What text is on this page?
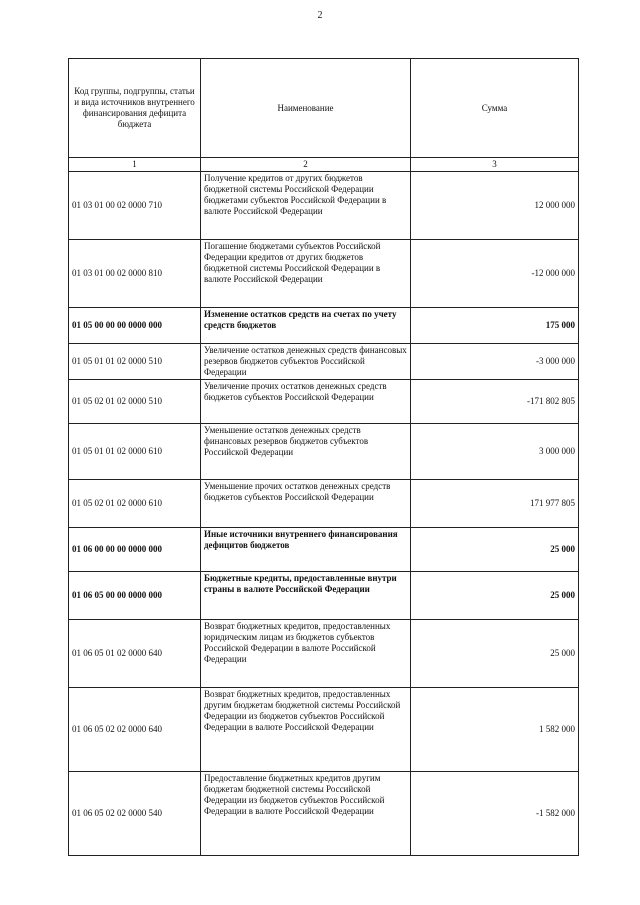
2
Код группы, подгруппы, статьи и вида источников внутреннего финансирования дефицита бюджета	Наименование	Сумма
1	2	3
01 03 01 00 02 0000 710	Получение кредитов от других бюджетов бюджетной системы Российской Федерации бюджетами субъектов Российской Федерации в валюте Российской Федерации	12 000 000
01 03 01 00 02 0000 810	Погашение бюджетами субъектов Российской Федерации кредитов от других бюджетов бюджетной системы Российской Федерации в валюте Российской Федерации	-12 000 000
01 05 00 00 00 0000 000	Изменение остатков средств на счетах по учету средств бюджетов	175 000
01 05 01 01 02 0000 510	Увеличение остатков денежных средств финансовых резервов бюджетов субъектов Российской Федерации	-3 000 000
01 05 02 01 02 0000 510	Увеличение прочих остатков денежных средств бюджетов субъектов Российской Федерации	-171 802 805
01 05 01 01 02 0000 610	Уменьшение остатков денежных средств финансовых резервов бюджетов субъектов Российской Федерации	3 000 000
01 05 02 01 02 0000 610	Уменьшение прочих остатков денежных средств бюджетов субъектов Российской Федерации	171 977 805
01 06 00 00 00 0000 000	Иные источники внутреннего финансирования дефицитов бюджетов	25 000
01 06 05 00 00 0000 000	Бюджетные кредиты, предоставленные внутри страны в валюте Российской Федерации	25 000
01 06 05 01 02 0000 640	Возврат бюджетных кредитов, предоставленных юридическим лицам из бюджетов субъектов Российской Федерации в валюте Российской Федерации	25 000
01 06 05 02 02 0000 640	Возврат бюджетных кредитов, предоставленных другим бюджетам бюджетной системы Российской Федерации из бюджетов субъектов Российской Федерации в валюте Российской Федерации	1 582 000
01 06 05 02 02 0000 540	Предоставление бюджетных кредитов другим бюджетам бюджетной системы Российской Федерации из бюджетов субъектов Российской Федерации в валюте Российской Федерации	-1 582 000
